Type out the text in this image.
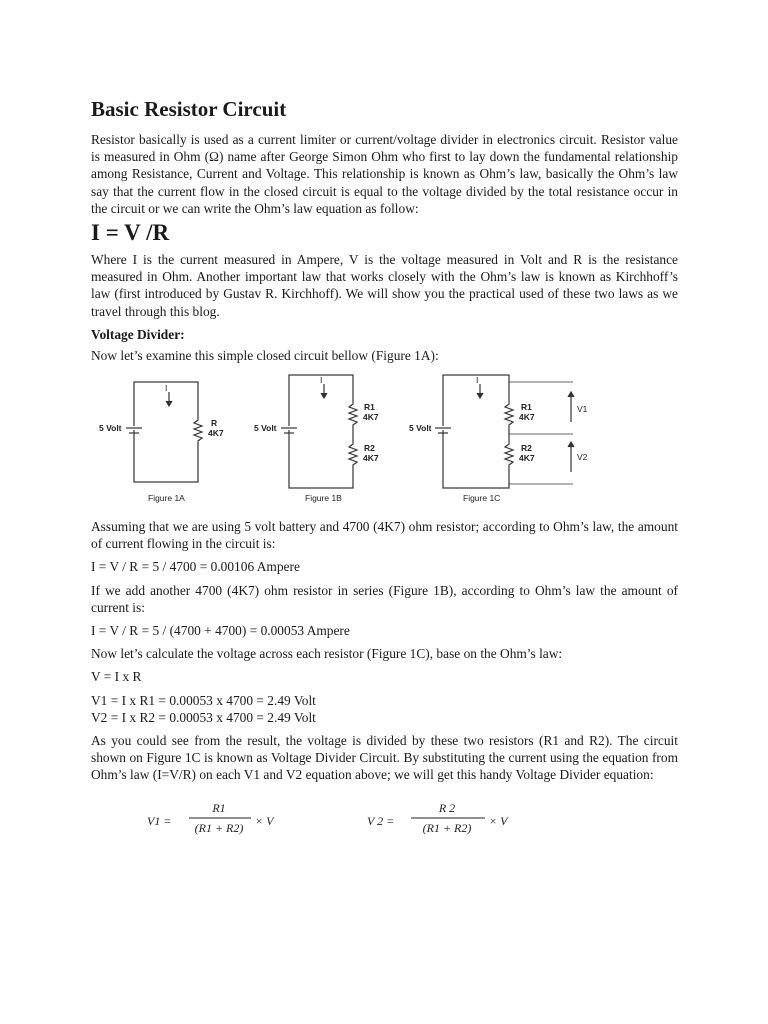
Basic Resistor Circuit

Resistor basically is used as a current limiter or current/voltage divider in electronics circuit. Resistor value is measured in Ohm (Ω) name after George Simon Ohm who first to lay down the fundamental relationship among Resistance, Current and Voltage. This relationship is known as Ohm’s law, basically the Ohm’s law say that the current flow in the closed circuit is equal to the voltage divided by the total resistance occur in the circuit or we can write the Ohm’s law equation as follow:

I = V /R

Where I is the current measured in Ampere, V is the voltage measured in Volt and R is the resistance measured in Ohm. Another important law that works closely with the Ohm’s law is known as Kirchhoff’s law (first introduced by Gustav R. Kirchhoff). We will show you the practical used of these two laws as we travel through this blog.

Voltage Divider:

Now let’s examine this simple closed circuit bellow (Figure 1A):

5 Volt
I
R
4K7
Figure 1A
5 Volt
I
R1
4K7
R2
4K7
Figure 1B
5 Volt
I
R1
4K7
R2
4K7
V1
V2
Figure 1C

Assuming that we are using 5 volt battery and 4700 (4K7) ohm resistor; according to Ohm’s law, the amount of current flowing in the circuit is:

I = V / R = 5 / 4700 = 0.00106 Ampere

If we add another 4700 (4K7) ohm resistor in series (Figure 1B), according to Ohm’s law the amount of current is:

I = V / R = 5 / (4700 + 4700) = 0.00053 Ampere

Now let’s calculate the voltage across each resistor (Figure 1C), base on the Ohm’s law:

V = I x R

V1 = I x R1 = 0.00053 x 4700 = 2.49 Volt

V2 = I x R2 = 0.00053 x 4700 = 2.49 Volt

As you could see from the result, the voltage is divided by these two resistors (R1 and R2). The circuit shown on Figure 1C is known as Voltage Divider Circuit. By substituting the current using the equation from Ohm’s law (I=V/R) on each V1 and V2 equation above; we will get this handy Voltage Divider equation:

V1 =
R1
(R1 + R2) × V	V 2 =
R 2
(R1 + R2) × V
